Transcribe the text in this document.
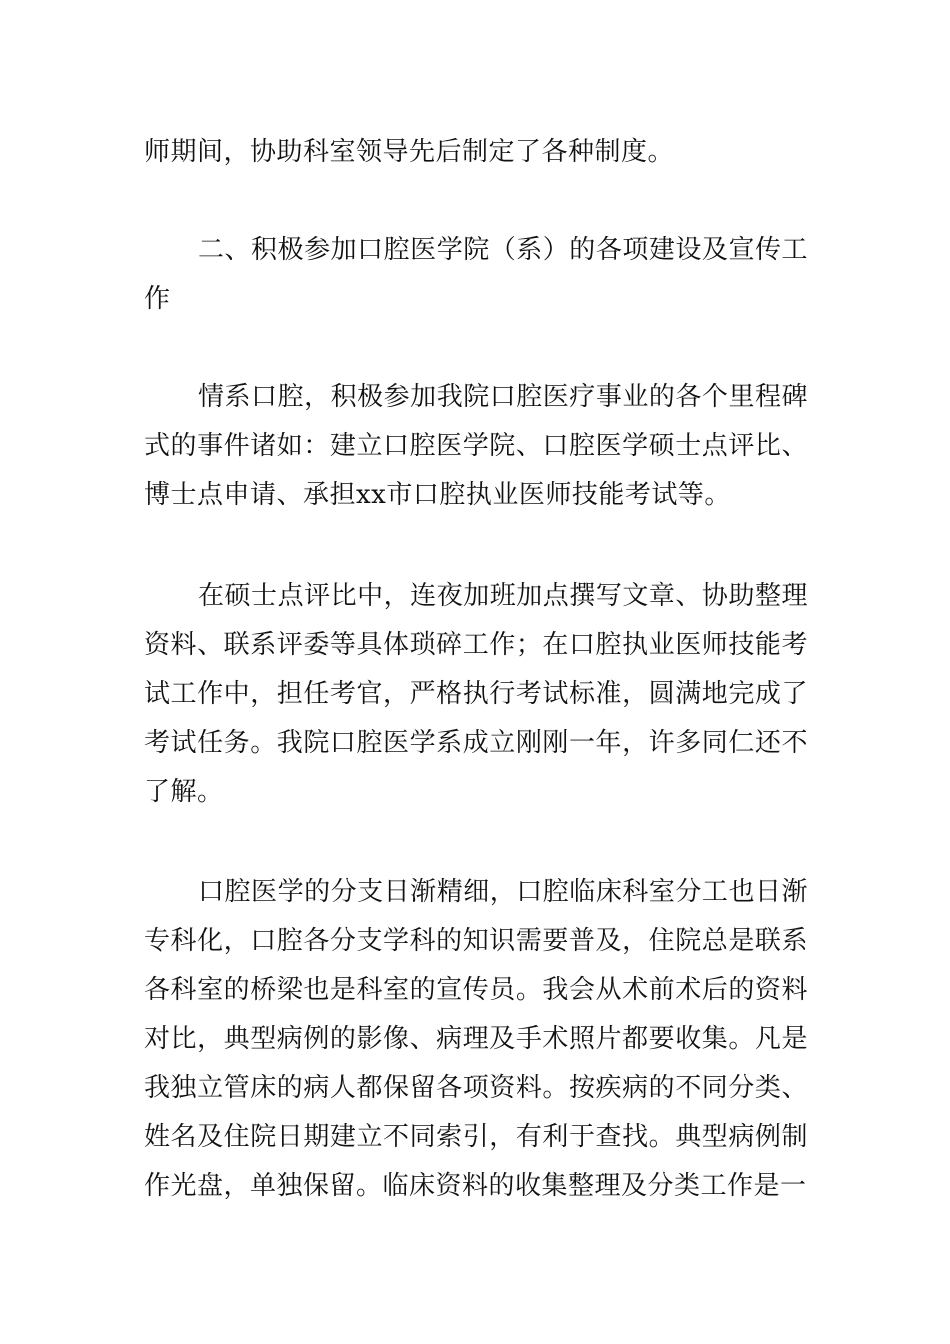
师期间，协助科室领导先后制定了各种制度。

二、积极参加口腔医学院（系）的各项建设及宣传工作

情系口腔，积极参加我院口腔医疗事业的各个里程碑式的事件诸如：建立口腔医学院、口腔医学硕士点评比、博士点申请、承担xx市口腔执业医师技能考试等。

在硕士点评比中，连夜加班加点撰写文章、协助整理资料、联系评委等具体琐碎工作；在口腔执业医师技能考试工作中，担任考官，严格执行考试标准，圆满地完成了考试任务。我院口腔医学系成立刚刚一年，许多同仁还不了解。

口腔医学的分支日渐精细，口腔临床科室分工也日渐专科化，口腔各分支学科的知识需要普及，住院总是联系各科室的桥梁也是科室的宣传员。我会从术前术后的资料对比，典型病例的影像、病理及手术照片都要收集。凡是我独立管床的病人都保留各项资料。按疾病的不同分类、姓名及住院日期建立不同索引，有利于查找。典型病例制作光盘，单独保留。临床资料的收集整理及分类工作是一
